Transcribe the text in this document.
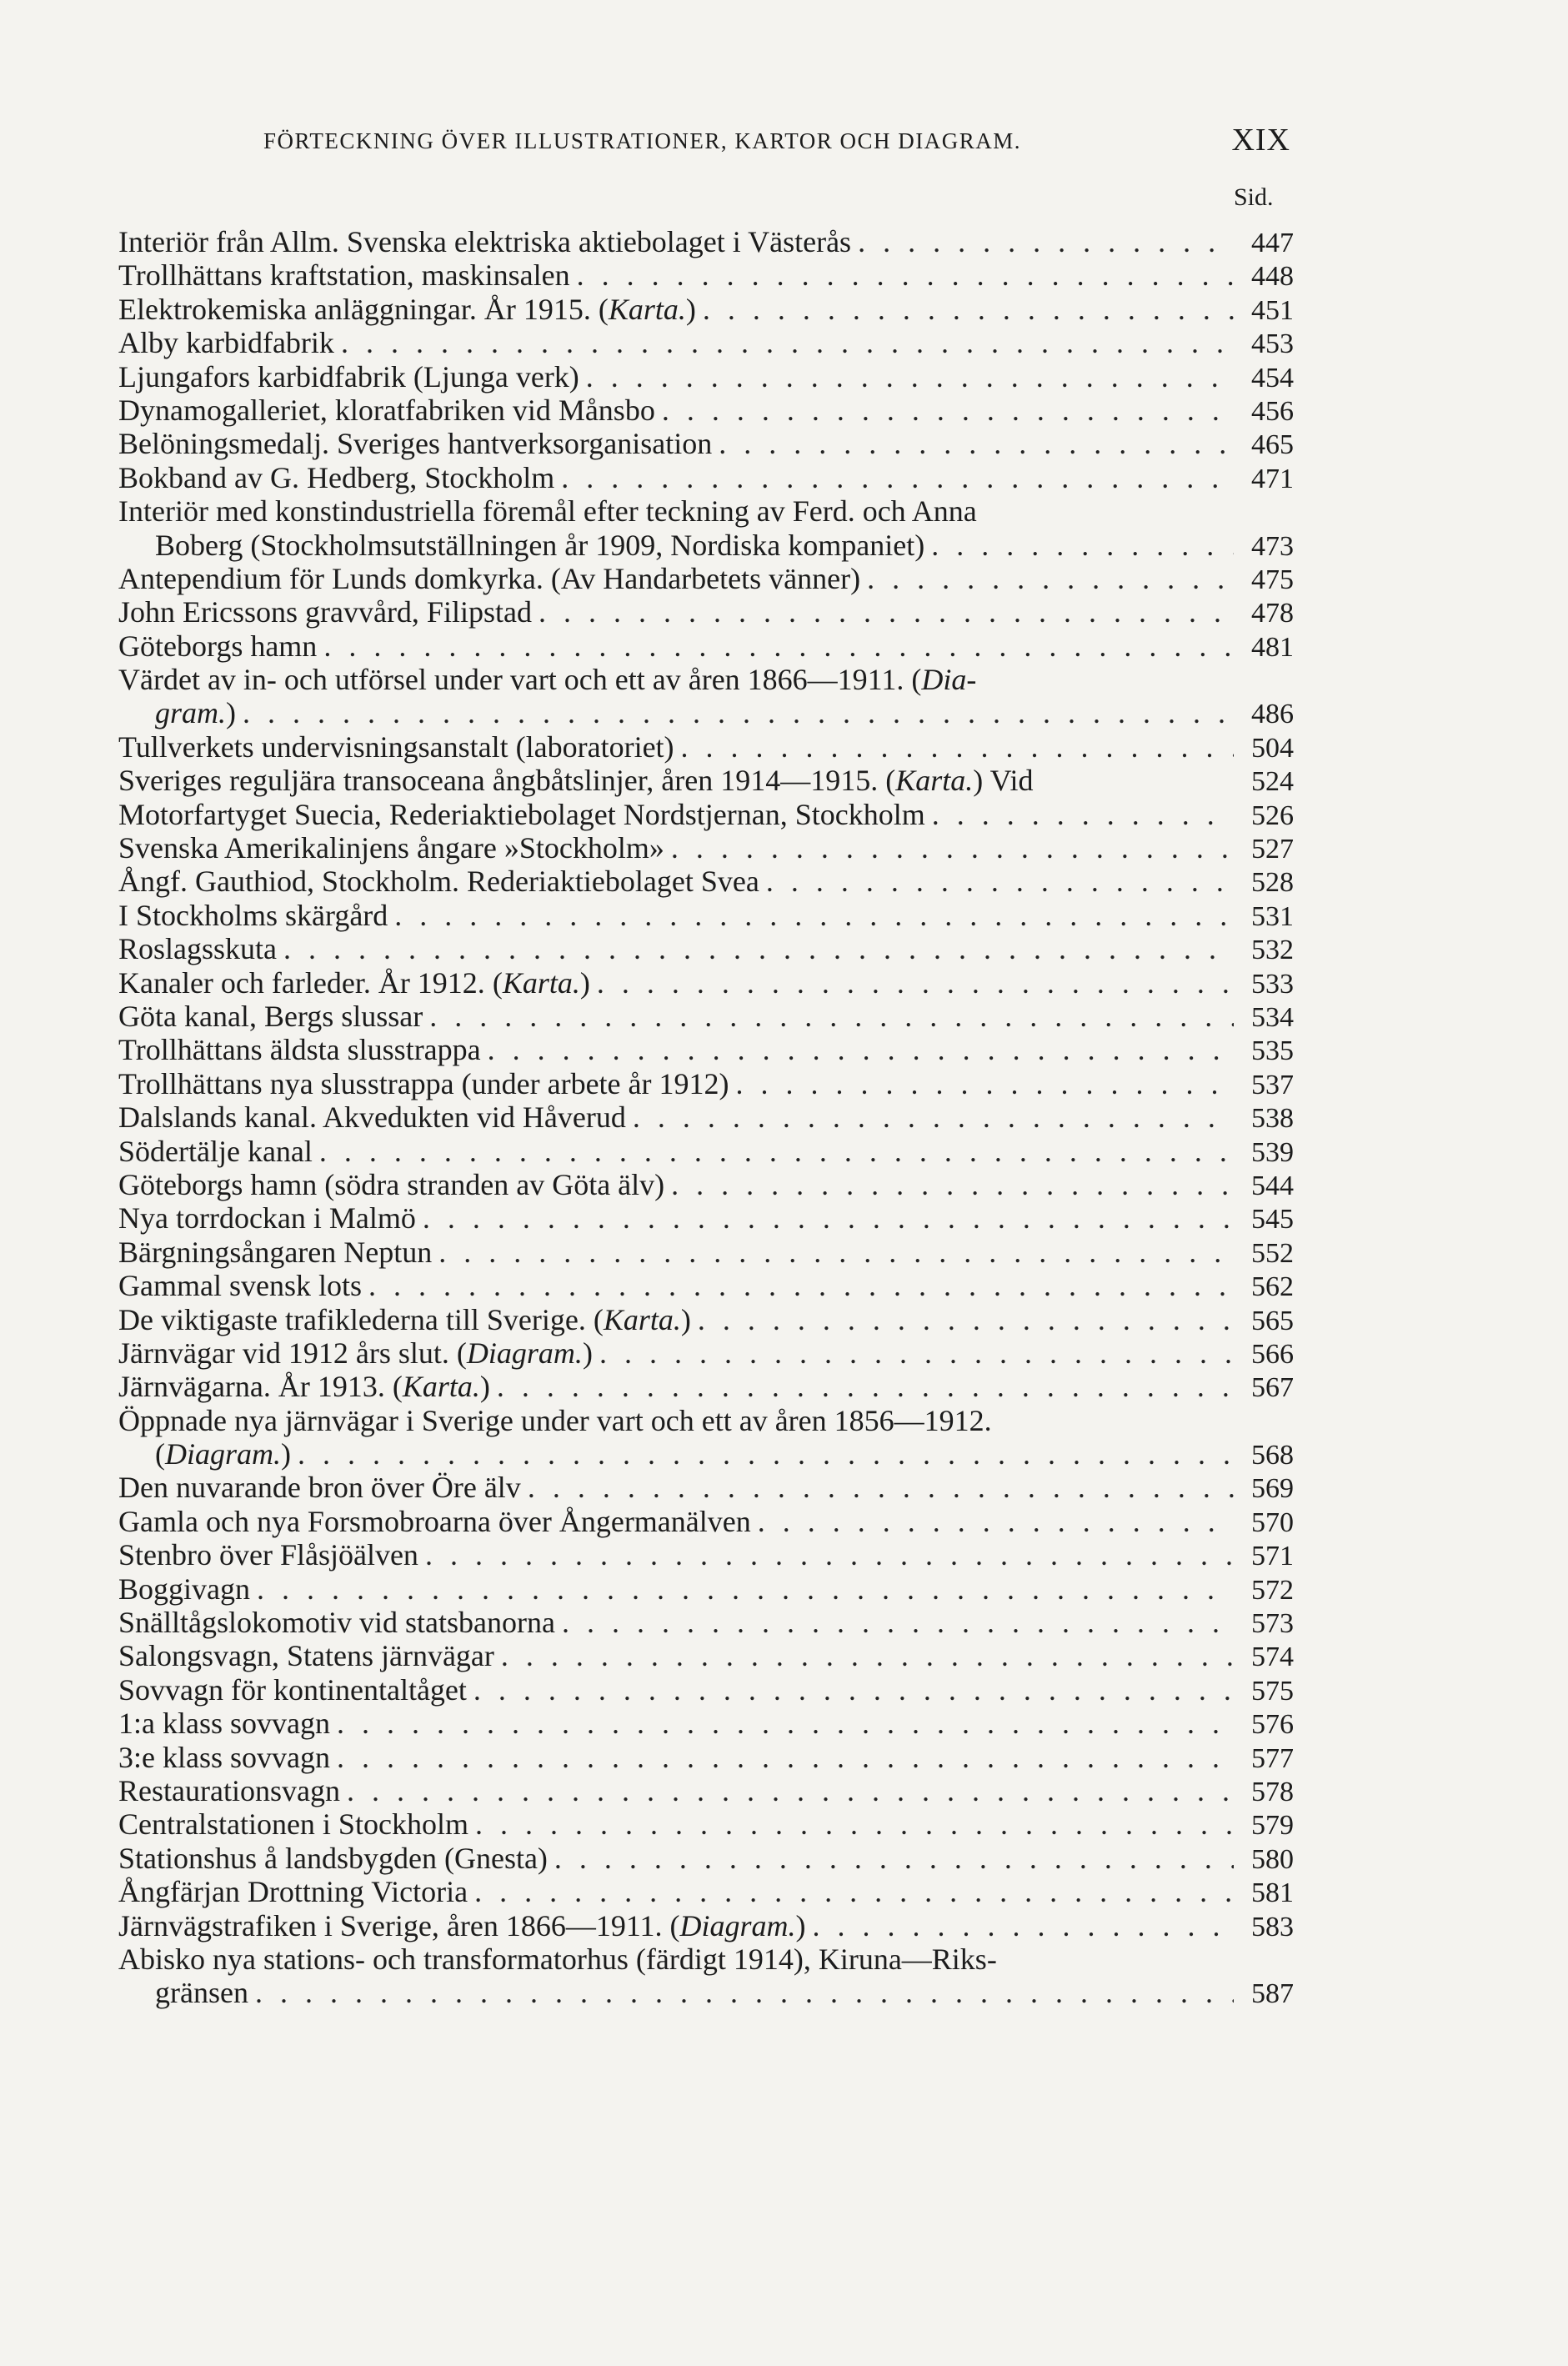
FÖRTECKNING ÖVER ILLUSTRATIONER, KARTOR OCH DIAGRAM.	XIX
Sid.
Interiör från Allm. Svenska elektriska aktiebolaget i Västerås . . .	447
Trollhättans kraftstation, maskinsalen . . .	448
Elektrokemiska anläggningar. År 1915. (Karta.) . . .	451
Alby karbidfabrik . . .	453
Ljungafors karbidfabrik (Ljunga verk) . . .	454
Dynamogalleriet, kloratfabriken vid Månsbo . . .	456
Belöningsmedalj. Sveriges hantverksorganisation . . .	465
Bokband av G. Hedberg, Stockholm . . .	471
Interiör med konstindustriella föremål efter teckning av Ferd. och Anna
Boberg (Stockholmsutställningen år 1909, Nordiska kompaniet) . . .	473
Antependium för Lunds domkyrka. (Av Handarbetets vänner) . . .	475
John Ericssons gravvård, Filipstad . . .	478
Göteborgs hamn . . .	481
Värdet av in- och utförsel under vart och ett av åren 1866—1911. (Dia-
gram.) . . .	486
Tullverkets undervisningsanstalt (laboratoriet) . . .	504
Sveriges reguljära transoceana ångbåtslinjer, åren 1914—1915. (Karta.) Vid	524
Motorfartyget Suecia, Rederiaktiebolaget Nordstjernan, Stockholm . . .	526
Svenska Amerikalinjens ångare »Stockholm» . . .	527
Ångf. Gauthiod, Stockholm. Rederiaktiebolaget Svea . . .	528
I Stockholms skärgård . . .	531
Roslagsskuta . . .	532
Kanaler och farleder. År 1912. (Karta.) . . .	533
Göta kanal, Bergs slussar . . .	534
Trollhättans äldsta slusstrappa . . .	535
Trollhättans nya slusstrappa (under arbete år 1912) . . .	537
Dalslands kanal. Akvedukten vid Håverud . . .	538
Södertälje kanal . . .	539
Göteborgs hamn (södra stranden av Göta älv) . . .	544
Nya torrdockan i Malmö . . .	545
Bärgningsångaren Neptun . . .	552
Gammal svensk lots . . .	562
De viktigaste trafiklederna till Sverige. (Karta.) . . .	565
Järnvägar vid 1912 års slut. (Diagram.) . . .	566
Järnvägarna. År 1913. (Karta.) . . .	567
Öppnade nya järnvägar i Sverige under vart och ett av åren 1856—1912.
(Diagram.) . . .	568
Den nuvarande bron över Öre älv . . .	569
Gamla och nya Forsmobroarna över Ångermanälven . . .	570
Stenbro över Flåsjöälven . . .	571
Boggivagn . . .	572
Snälltågslokomotiv vid statsbanorna . . .	573
Salongsvagn, Statens järnvägar . . .	574
Sovvagn för kontinentaltåget . . .	575
1:a klass sovvagn . . .	576
3:e klass sovvagn . . .	577
Restaurationsvagn . . .	578
Centralstationen i Stockholm . . .	579
Stationshus å landsbygden (Gnesta) . . .	580
Ångfärjan Drottning Victoria . . .	581
Järnvägstrafiken i Sverige, åren 1866—1911. (Diagram.) . . .	583
Abisko nya stations- och transformatorhus (färdigt 1914), Kiruna—Riks-
gränsen . . .	587
